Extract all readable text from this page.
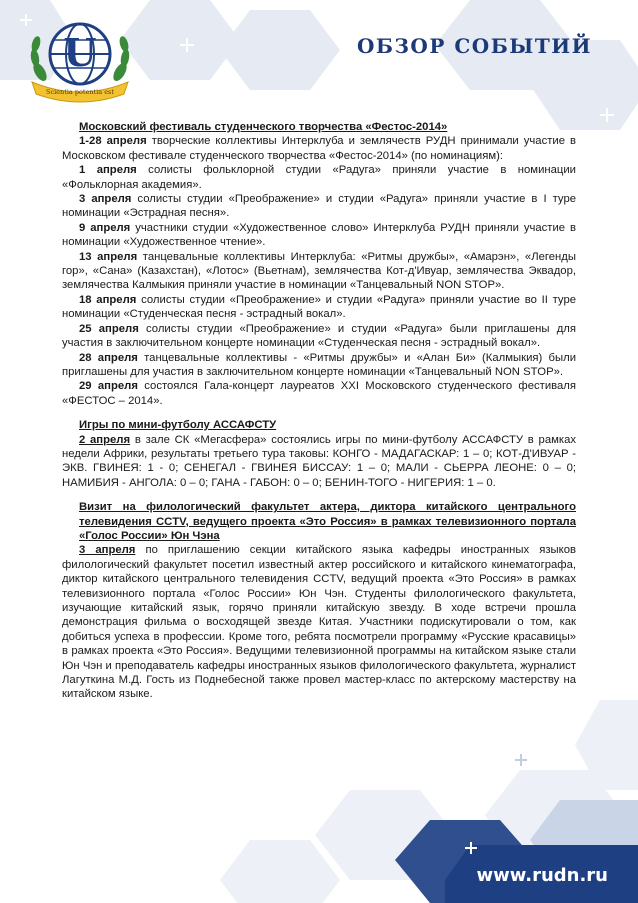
U
Scientia potentia est
ОБЗОР СОБЫТИЙ

Московский фестиваль студенческого творчества «Фестос-2014»

1-28 апреля творческие коллективы Интерклуба и землячеств РУДН принимали участие в Московском фестивале студенческого творчества «Фестос-2014» (по номинациям):

1 апреля солисты фольклорной студии «Радуга» приняли участие в номинации «Фольклорная академия».

3 апреля солисты студии «Преображение» и студии «Радуга» приняли участие в I туре номинации «Эстрадная песня».

9 апреля участники студии «Художественное слово» Интерклуба РУДН приняли участие в номинации «Художественное чтение».

13 апреля танцевальные коллективы Интерклуба: «Ритмы дружбы», «Амарэн», «Легенды гор», «Сана» (Казахстан), «Лотос» (Вьетнам), землячества Кот-д'Ивуар, землячества Эквадор, землячества Калмыкия приняли участие в номинации «Танцевальный NON STOP».

18 апреля солисты студии «Преображение» и студии «Радуга» приняли участие во II туре номинации «Студенческая песня - эстрадный вокал».

25 апреля солисты студии «Преображение» и студии «Радуга» были приглашены для участия в заключительном концерте номинации «Студенческая песня - эстрадный вокал».

28 апреля танцевальные коллективы - «Ритмы дружбы» и «Алан Би» (Калмыкия) были приглашены для участия в заключительном концерте номинации «Танцевальный NON STOP».

29 апреля состоялся Гала-концерт лауреатов XXI Московского студенческого фестиваля «ФЕСТОС – 2014».

Игры по мини-футболу АССАФСТУ

2 апреля в зале СК «Мегасфера» состоялись игры по мини-футболу АССАФСТУ в рамках недели Африки, результаты третьего тура таковы: КОНГО - МАДАГАСКАР: 1 – 0; КОТ-Д'ИВУАР - ЭКВ. ГВИНЕЯ: 1 - 0; СЕНЕГАЛ - ГВИНЕЯ БИССАУ: 1 – 0; МАЛИ - СЬЕРРА ЛЕОНЕ: 0 – 0; НАМИБИЯ - АНГОЛА: 0 – 0; ГАНА - ГАБОН: 0 – 0; БЕНИН-ТОГО - НИГЕРИЯ: 1 – 0.

Визит на филологический факультет актера, диктора китайского центрального телевидения CCTV, ведущего проекта «Это Россия» в рамках телевизионного портала «Голос России» Юн Чэна

3 апреля по приглашению секции китайского языка кафедры иностранных языков филологический факультет посетил известный актер российского и китайского кинематографа, диктор китайского центрального телевидения CCTV, ведущий проекта «Это Россия» в рамках телевизионного портала «Голос России» Юн Чэн. Студенты филологического факультета, изучающие китайский язык, горячо приняли китайскую звезду. В ходе встречи прошла демонстрация фильма о восходящей звезде Китая. Участники подискутировали о том, как добиться успеха в профессии. Кроме того, ребята посмотрели программу «Русские красавицы» в рамках проекта «Это Россия». Ведущими телевизионной программы на китайском языке стали Юн Чэн и преподаватель кафедры иностранных языков филологического факультета, журналист Лагуткина М.Д. Гость из Поднебесной также провел мастер-класс по актерскому мастерству на китайском языке.

www.rudn.ru
